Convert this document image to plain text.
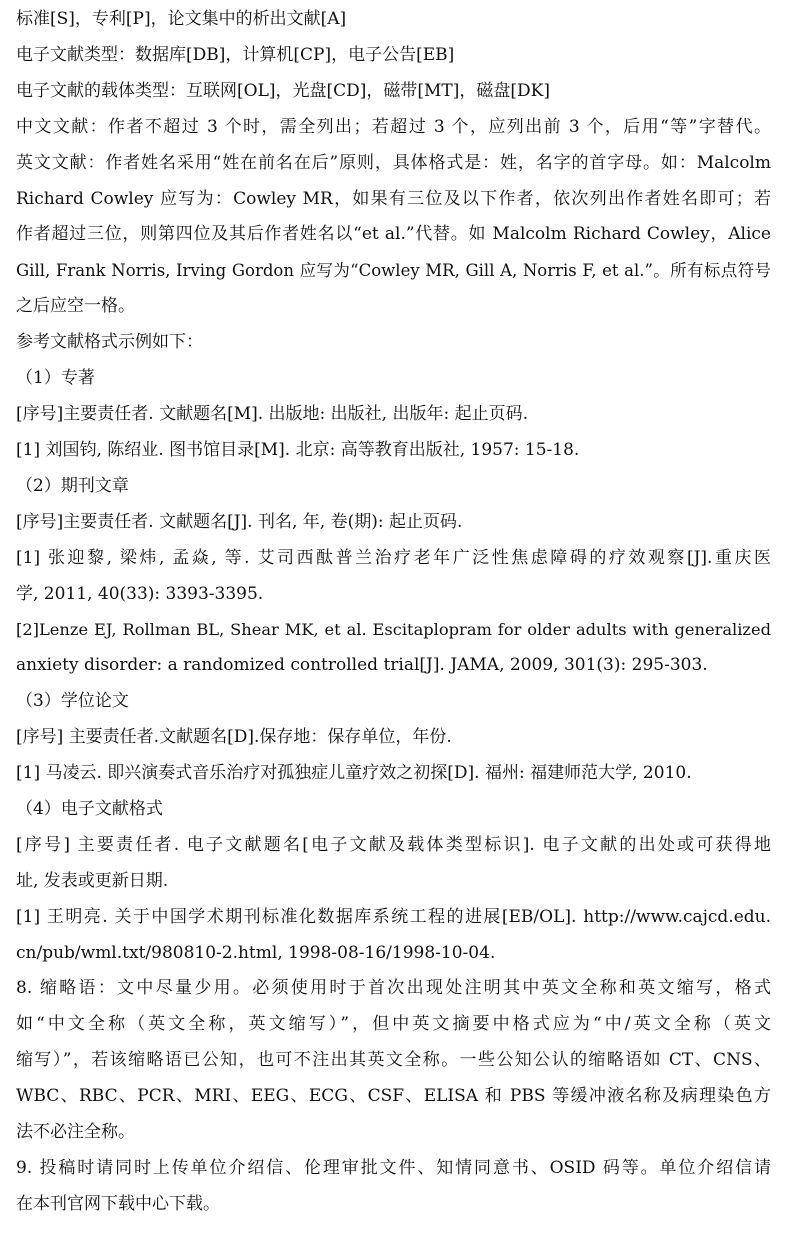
标准[S]，专利[P]，论文集中的析出文献[A]

电子文献类型：数据库[DB]，计算机[CP]，电子公告[EB]

电子文献的载体类型：互联网[OL]，光盘[CD]，磁带[MT]，磁盘[DK]

中文文献：作者不超过 3 个时，需全列出；若超过 3 个，应列出前 3 个，后用“等”字替代。

英文文献：作者姓名采用“姓在前名在后”原则，具体格式是：姓，名字的首字母。如：Malcolm

Richard Cowley 应写为：Cowley MR，如果有三位及以下作者，依次列出作者姓名即可；若

作者超过三位，则第四位及其后作者姓名以“et al.”代替。如 Malcolm Richard Cowley，Alice

Gill, Frank Norris, Irving Gordon 应写为“Cowley MR, Gill A, Norris F, et al.”。所有标点符号

之后应空一格。

参考文献格式示例如下：

（1）专著

[序号]主要责任者. 文献题名[M]. 出版地: 出版社, 出版年: 起止页码.

[1] 刘国钧, 陈绍业. 图书馆目录[M]. 北京: 高等教育出版社, 1957: 15-18.

（2）期刊文章

[序号]主要责任者. 文献题名[J]. 刊名, 年, 卷(期): 起止页码.

[1] 张迎黎, 梁炜, 孟焱, 等. 艾司西酞普兰治疗老年广泛性焦虑障碍的疗效观察[J].重庆医

学, 2011, 40(33): 3393-3395.

[2]Lenze EJ, Rollman BL, Shear MK, et al. Escitaplopram for older adults with generalized

anxiety disorder: a randomized controlled trial[J]. JAMA, 2009, 301(3): 295-303.

（3）学位论文

[序号] 主要责任者.文献题名[D].保存地：保存单位，年份.

[1] 马凌云. 即兴演奏式音乐治疗对孤独症儿童疗效之初探[D]. 福州: 福建师范大学, 2010.

（4）电子文献格式

[序号] 主要责任者. 电子文献题名[电子文献及载体类型标识]. 电子文献的出处或可获得地

址, 发表或更新日期.

[1] 王明亮. 关于中国学术期刊标准化数据库系统工程的进展[EB/OL]. http://www.cajcd.edu.

cn/pub/wml.txt/980810-2.html, 1998-08-16/1998-10-04.

8. 缩略语：文中尽量少用。必须使用时于首次出现处注明其中英文全称和英文缩写，格式

如“中文全称（英文全称，英文缩写）”，但中英文摘要中格式应为“中/英文全称（英文

缩写）”，若该缩略语已公知，也可不注出其英文全称。一些公知公认的缩略语如 CT、CNS、

WBC、RBC、PCR、MRI、EEG、ECG、CSF、ELISA 和 PBS 等缓冲液名称及病理染色方

法不必注全称。

9. 投稿时请同时上传单位介绍信、伦理审批文件、知情同意书、OSID 码等。单位介绍信请

在本刊官网下载中心下载。
